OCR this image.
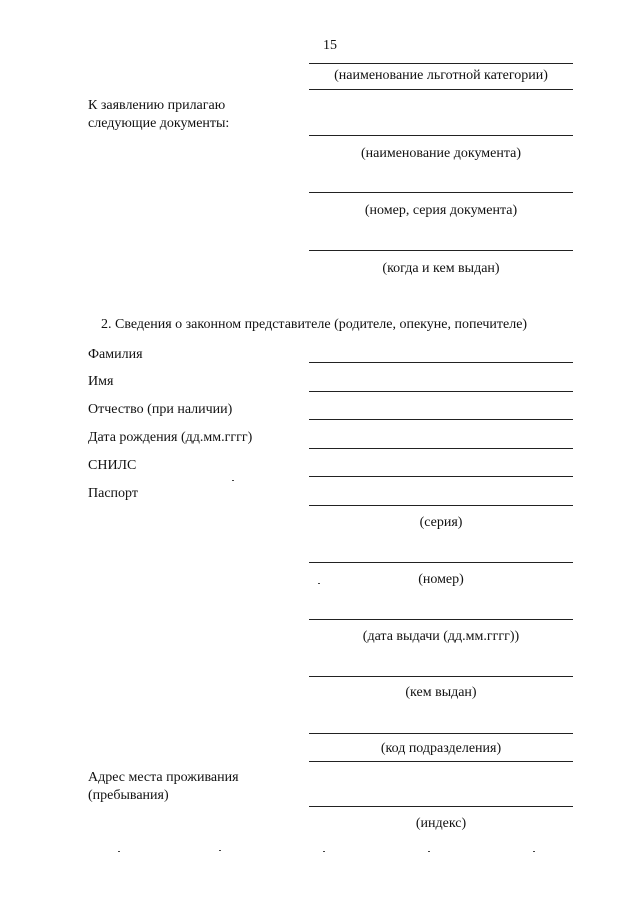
15
(наименование льготной категории)
К заявлению прилагаю
следующие документы:
(наименование документа)
(номер, серия документа)
(когда и кем выдан)
2. Сведения о законном представителе (родителе, опекуне, попечителе)
Фамилия
Имя
Отчество (при наличии)
Дата рождения (дд.мм.гггг)
СНИЛС
Паспорт
(серия)
(номер)
(дата выдачи (дд.мм.гггг))
(кем выдан)
(код подразделения)
Адрес места проживания
(пребывания)
(индекс)
